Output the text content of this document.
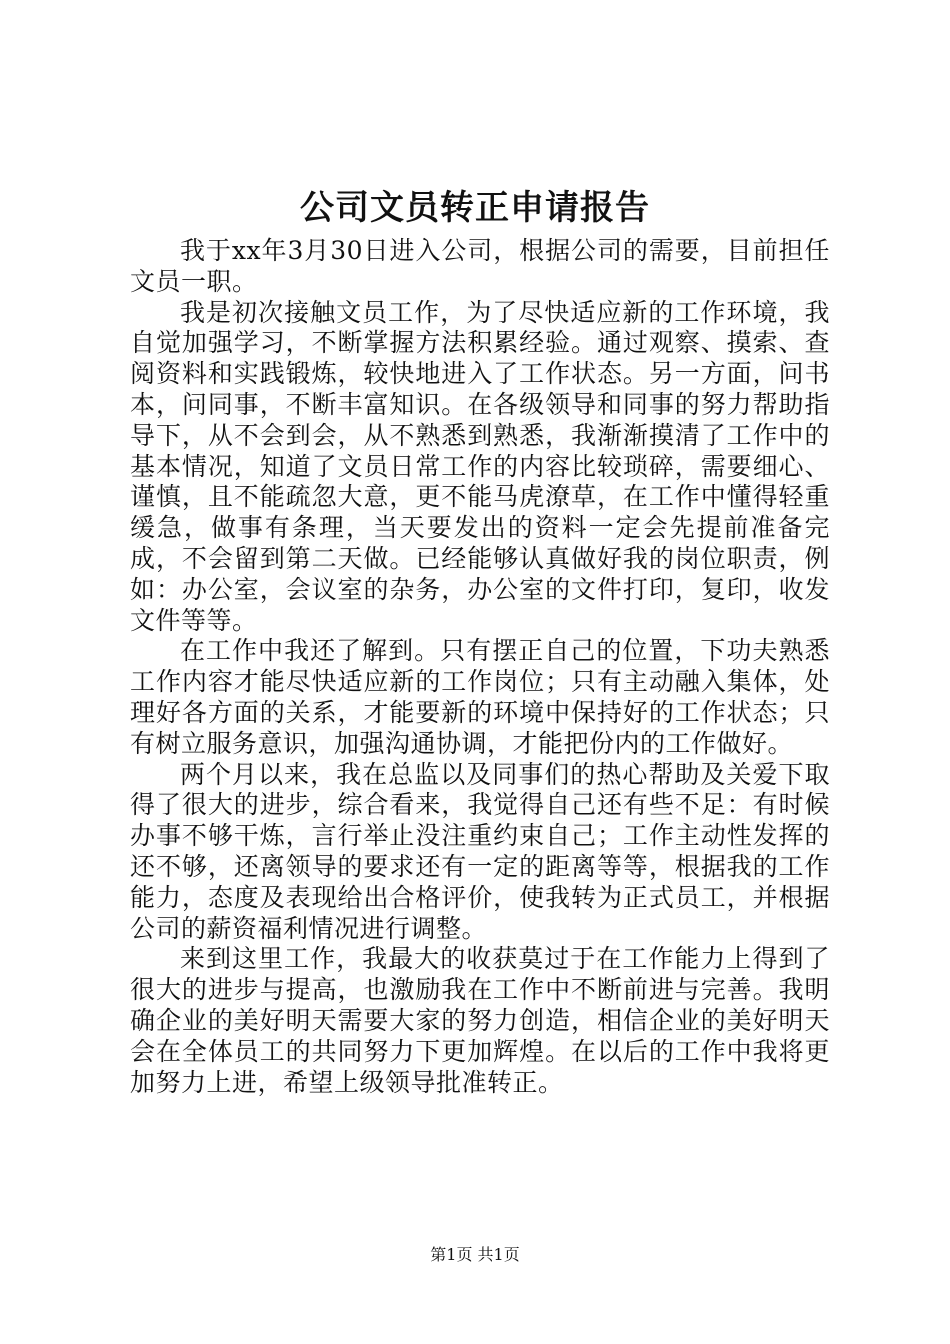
公司文员转正申请报告

我于xx年3月30日进入公司，根据公司的需要，目前担任文员一职。

我是初次接触文员工作，为了尽快适应新的工作环境，我自觉加强学习，不断掌握方法积累经验。通过观察、摸索、查阅资料和实践锻炼，较快地进入了工作状态。另一方面，问书本，问同事，不断丰富知识。在各级领导和同事的努力帮助指导下，从不会到会，从不熟悉到熟悉，我渐渐摸清了工作中的基本情况，知道了文员日常工作的内容比较琐碎，需要细心、谨慎，且不能疏忽大意，更不能马虎潦草，在工作中懂得轻重缓急，做事有条理，当天要发出的资料一定会先提前准备完成，不会留到第二天做。已经能够认真做好我的岗位职责，例如：办公室，会议室的杂务，办公室的文件打印，复印，收发文件等等。

在工作中我还了解到。只有摆正自己的位置，下功夫熟悉工作内容才能尽快适应新的工作岗位；只有主动融入集体，处理好各方面的关系，才能要新的环境中保持好的工作状态；只有树立服务意识，加强沟通协调，才能把份内的工作做好。

两个月以来，我在总监以及同事们的热心帮助及关爱下取得了很大的进步，综合看来，我觉得自己还有些不足：有时候办事不够干炼，言行举止没注重约束自己；工作主动性发挥的还不够，还离领导的要求还有一定的距离等等，根据我的工作能力，态度及表现给出合格评价，使我转为正式员工，并根据公司的薪资福利情况进行调整。

来到这里工作，我最大的收获莫过于在工作能力上得到了很大的进步与提高，也激励我在工作中不断前进与完善。我明确企业的美好明天需要大家的努力创造，相信企业的美好明天会在全体员工的共同努力下更加辉煌。在以后的工作中我将更加努力上进，希望上级领导批准转正。

第1页 共1页
